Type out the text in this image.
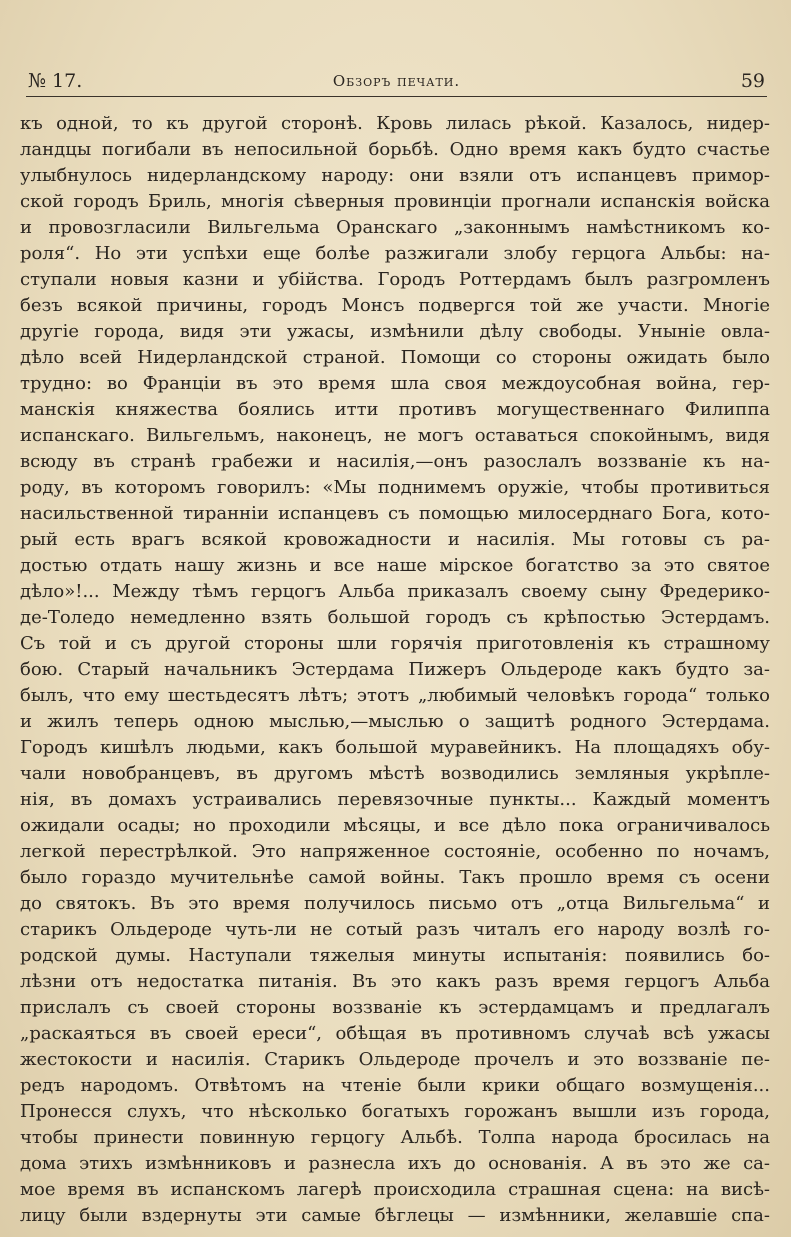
№ 17.	Обзоръ печати.	59
къ одной, то къ другой сторонѣ. Кровь лилась рѣкой. Казалось, нидер-
ландцы погибали въ непосильной борьбѣ. Одно время какъ будто счастье
улыбнулось нидерландскому народу: они взяли отъ испанцевъ примор-
ской городъ Бриль, многія сѣверныя провинціи прогнали испанскія войска
и провозгласили Вильгельма Оранскаго „законнымъ намѣстникомъ ко-
роля“. Но эти успѣхи еще болѣе разжигали злобу герцога Альбы: на-
ступали новыя казни и убійства. Городъ Роттердамъ былъ разгромленъ
безъ всякой причины, городъ Монсъ подвергся той же участи. Многіе
другіе города, видя эти ужасы, измѣнили дѣлу свободы. Уныніе овла-
дѣло всей Нидерландской страной. Помощи со стороны ожидать было
трудно: во Франціи въ это время шла своя междоусобная война, гер-
манскія княжества боялись итти противъ могущественнаго Филиппа
испанскаго. Вильгельмъ, наконецъ, не могъ оставаться спокойнымъ, видя
всюду въ странѣ грабежи и насилія,—онъ разослалъ воззваніе къ на-
роду, въ которомъ говорилъ: «Мы поднимемъ оружіе, чтобы противиться
насильственной тиранніи испанцевъ съ помощью милосерднаго Бога, кото-
рый есть врагъ всякой кровожадности и насилія. Мы готовы съ ра-
достью отдать нашу жизнь и все наше мірское богатство за это святое
дѣло»!... Между тѣмъ герцогъ Альба приказалъ своему сыну Фредерико-
де-Толедо немедленно взять большой городъ съ крѣпостью Эстердамъ.
Съ той и съ другой стороны шли горячія приготовленія къ страшному
бою. Старый начальникъ Эстердама Пижеръ Ольдероде какъ будто за-
былъ, что ему шестьдесятъ лѣтъ; этотъ „любимый человѣкъ города“ только
и жилъ теперь одною мыслью,—мыслью о защитѣ родного Эстердама.
Городъ кишѣлъ людьми, какъ большой муравейникъ. На площадяхъ обу-
чали новобранцевъ, въ другомъ мѣстѣ возводились земляныя укрѣпле-
нія, въ домахъ устраивались перевязочные пункты... Каждый моментъ
ожидали осады; но проходили мѣсяцы, и все дѣло пока ограничивалось
легкой перестрѣлкой. Это напряженное состояніе, особенно по ночамъ,
было гораздо мучительнѣе самой войны. Такъ прошло время съ осени
до святокъ. Въ это время получилось письмо отъ „отца Вильгельма“ и
старикъ Ольдероде чуть-ли не сотый разъ читалъ его народу возлѣ го-
родской думы. Наступали тяжелыя минуты испытанія: появились бо-
лѣзни отъ недостатка питанія. Въ это какъ разъ время герцогъ Альба
прислалъ съ своей стороны воззваніе къ эстердамцамъ и предлагалъ
„раскаяться въ своей ереси“, обѣщая въ противномъ случаѣ всѣ ужасы
жестокости и насилія. Старикъ Ольдероде прочелъ и это воззваніе пе-
редъ народомъ. Отвѣтомъ на чтеніе были крики общаго возмущенія...
Пронесся слухъ, что нѣсколько богатыхъ горожанъ вышли изъ города,
чтобы принести повинную герцогу Альбѣ. Толпа народа бросилась на
дома этихъ измѣнниковъ и разнесла ихъ до основанія. А въ это же са-
мое время въ испанскомъ лагерѣ происходила страшная сцена: на висѣ-
лицу были вздернуты эти самые бѣглецы — измѣнники, желавшіе спа-
